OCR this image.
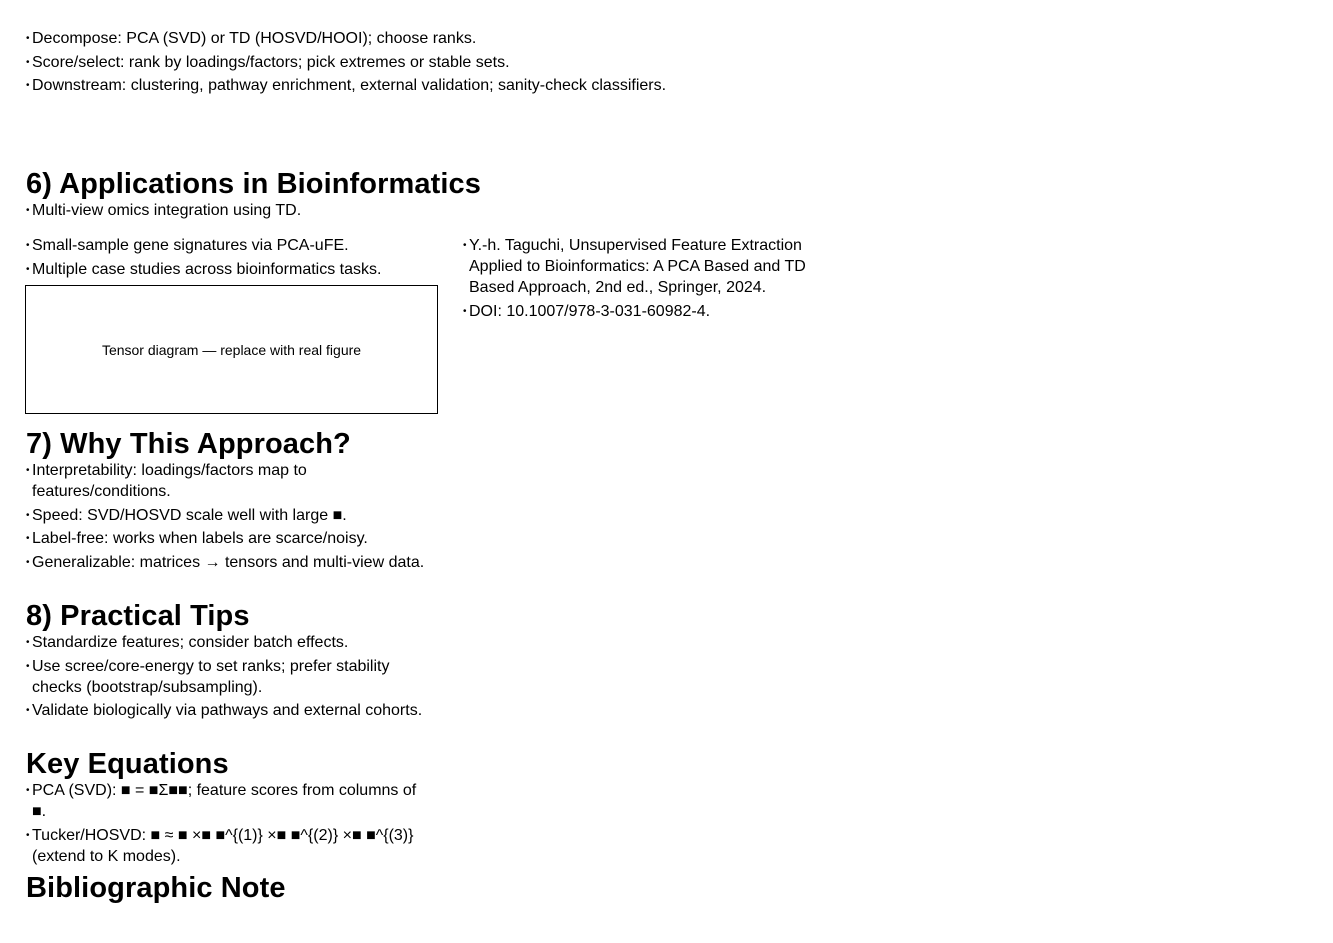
• Decompose: PCA (SVD) or TD (HOSVD/HOOI); choose ranks.
• Score/select: rank by loadings/factors; pick extremes or stable sets.
• Downstream: clustering, pathway enrichment, external validation; sanity-check classifiers.
6) Applications in Bioinformatics
• Multi-view omics integration using TD.
• Small-sample gene signatures via PCA-uFE.
• Multiple case studies across bioinformatics tasks.
Tensor diagram — replace with real figure
• Y.-h. Taguchi, Unsupervised Feature Extraction Applied to Bioinformatics: A PCA Based and TD Based Approach, 2nd ed., Springer, 2024.
• DOI: 10.1007/978-3-031-60982-4.
7) Why This Approach?
• Interpretability: loadings/factors map to features/conditions.
• Speed: SVD/HOSVD scale well with large ■.
• Label-free: works when labels are scarce/noisy.
• Generalizable: matrices → tensors and multi-view data.
8) Practical Tips
• Standardize features; consider batch effects.
• Use scree/core-energy to set ranks; prefer stability checks (bootstrap/subsampling).
• Validate biologically via pathways and external cohorts.
Key Equations
• PCA (SVD): ■ = ■Σ■■; feature scores from columns of ■.
• Tucker/HOSVD: ■ ≈ ■ ×■ ■^{(1)} ×■ ■^{(2)} ×■ ■^{(3)} (extend to K modes).
Bibliographic Note
